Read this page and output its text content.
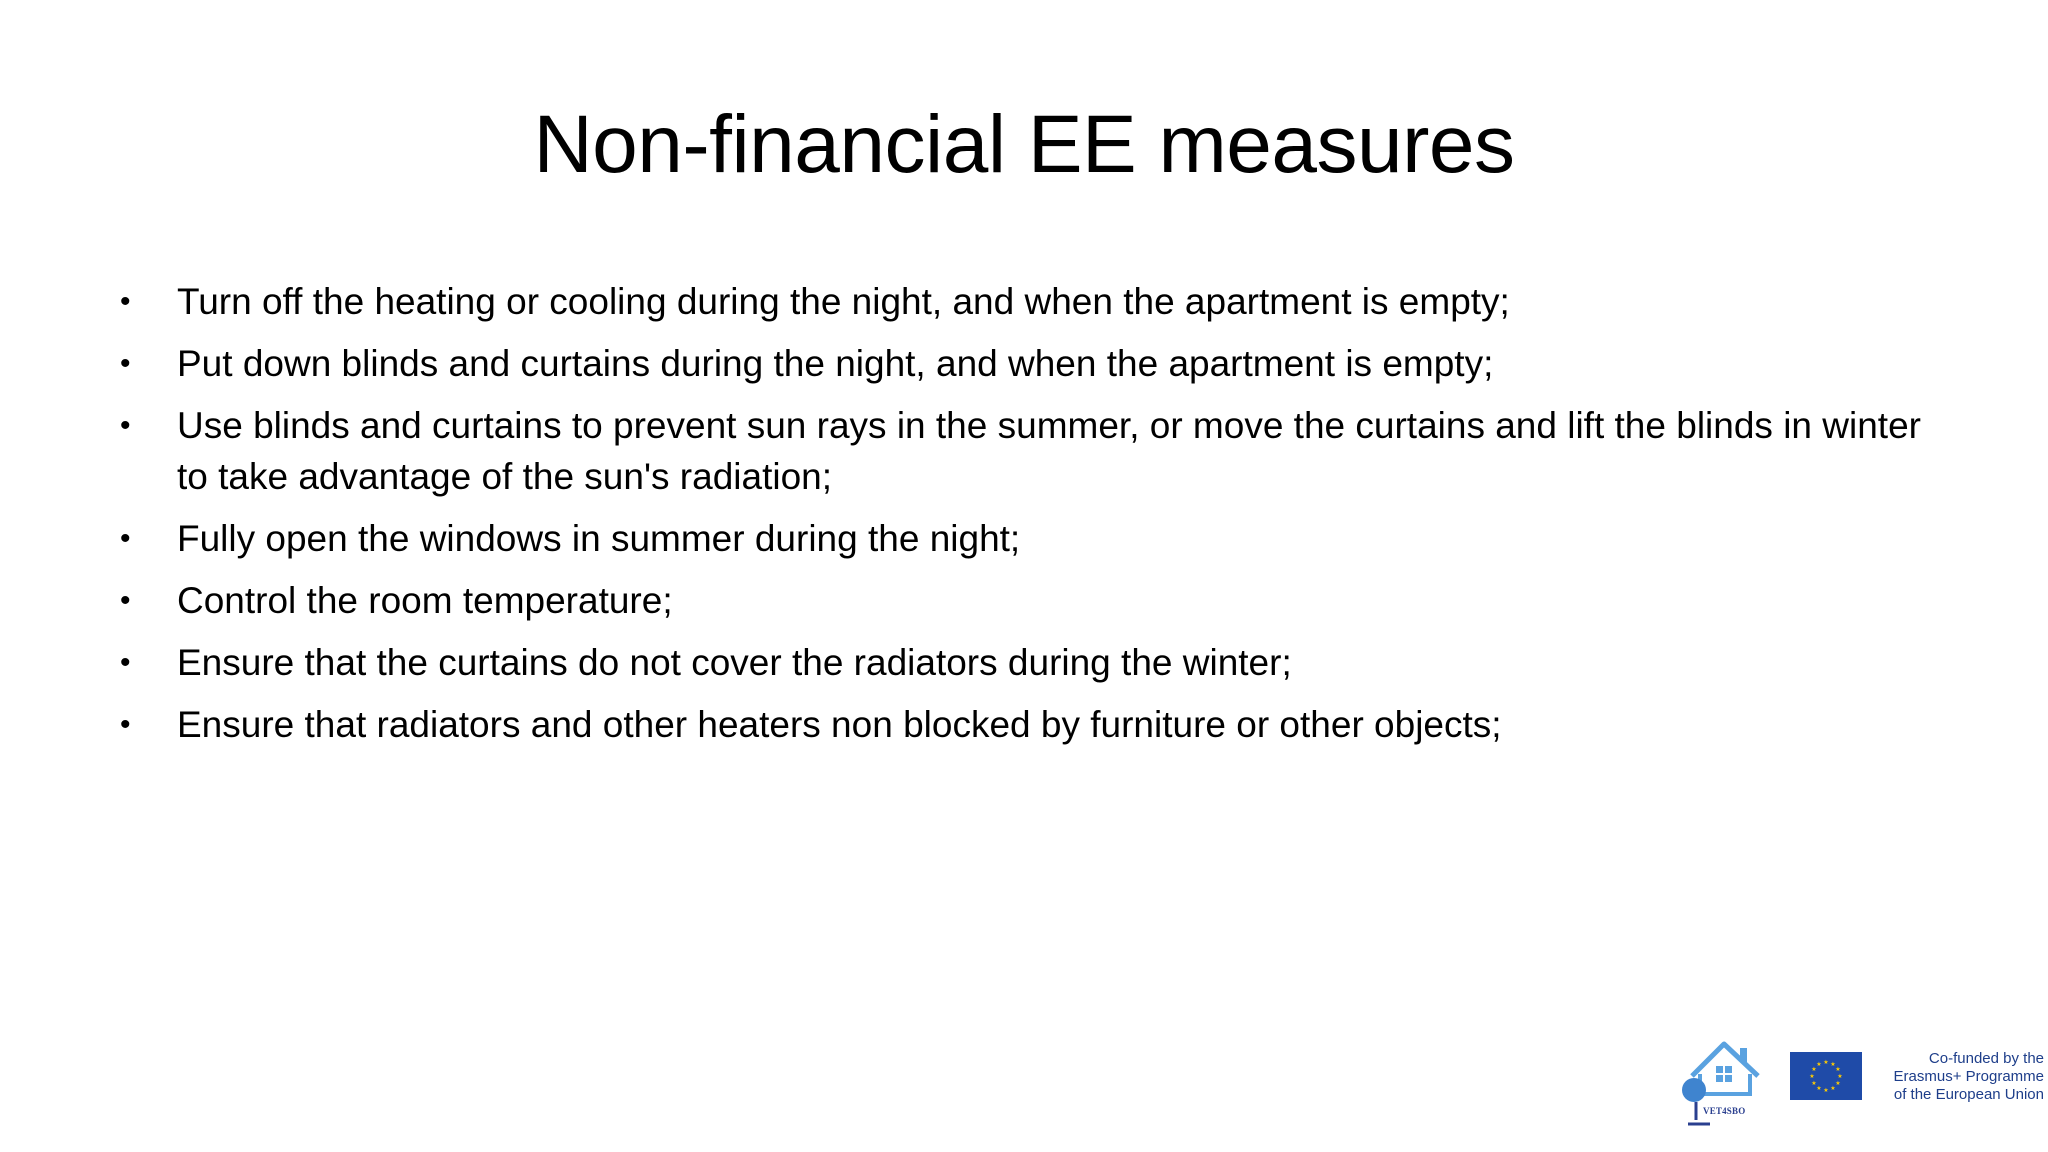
Non-financial EE measures
• Turn off the heating or cooling during the night, and when the apartment is empty;
• Put down blinds and curtains during the night, and when the apartment is empty;
• Use blinds and curtains to prevent sun rays in the summer, or move the curtains and lift the blinds in winter to take advantage of the sun's radiation;
• Fully open the windows in summer during the night;
• Control the room temperature;
• Ensure that the curtains do not cover the radiators during the winter;
• Ensure that radiators and other heaters non blocked by furniture or other objects;
VET4SBO
★ ★
★
★
★
★
★
★
★
★
★
★	Co-funded by the
Erasmus+ Programme
of the European Union
